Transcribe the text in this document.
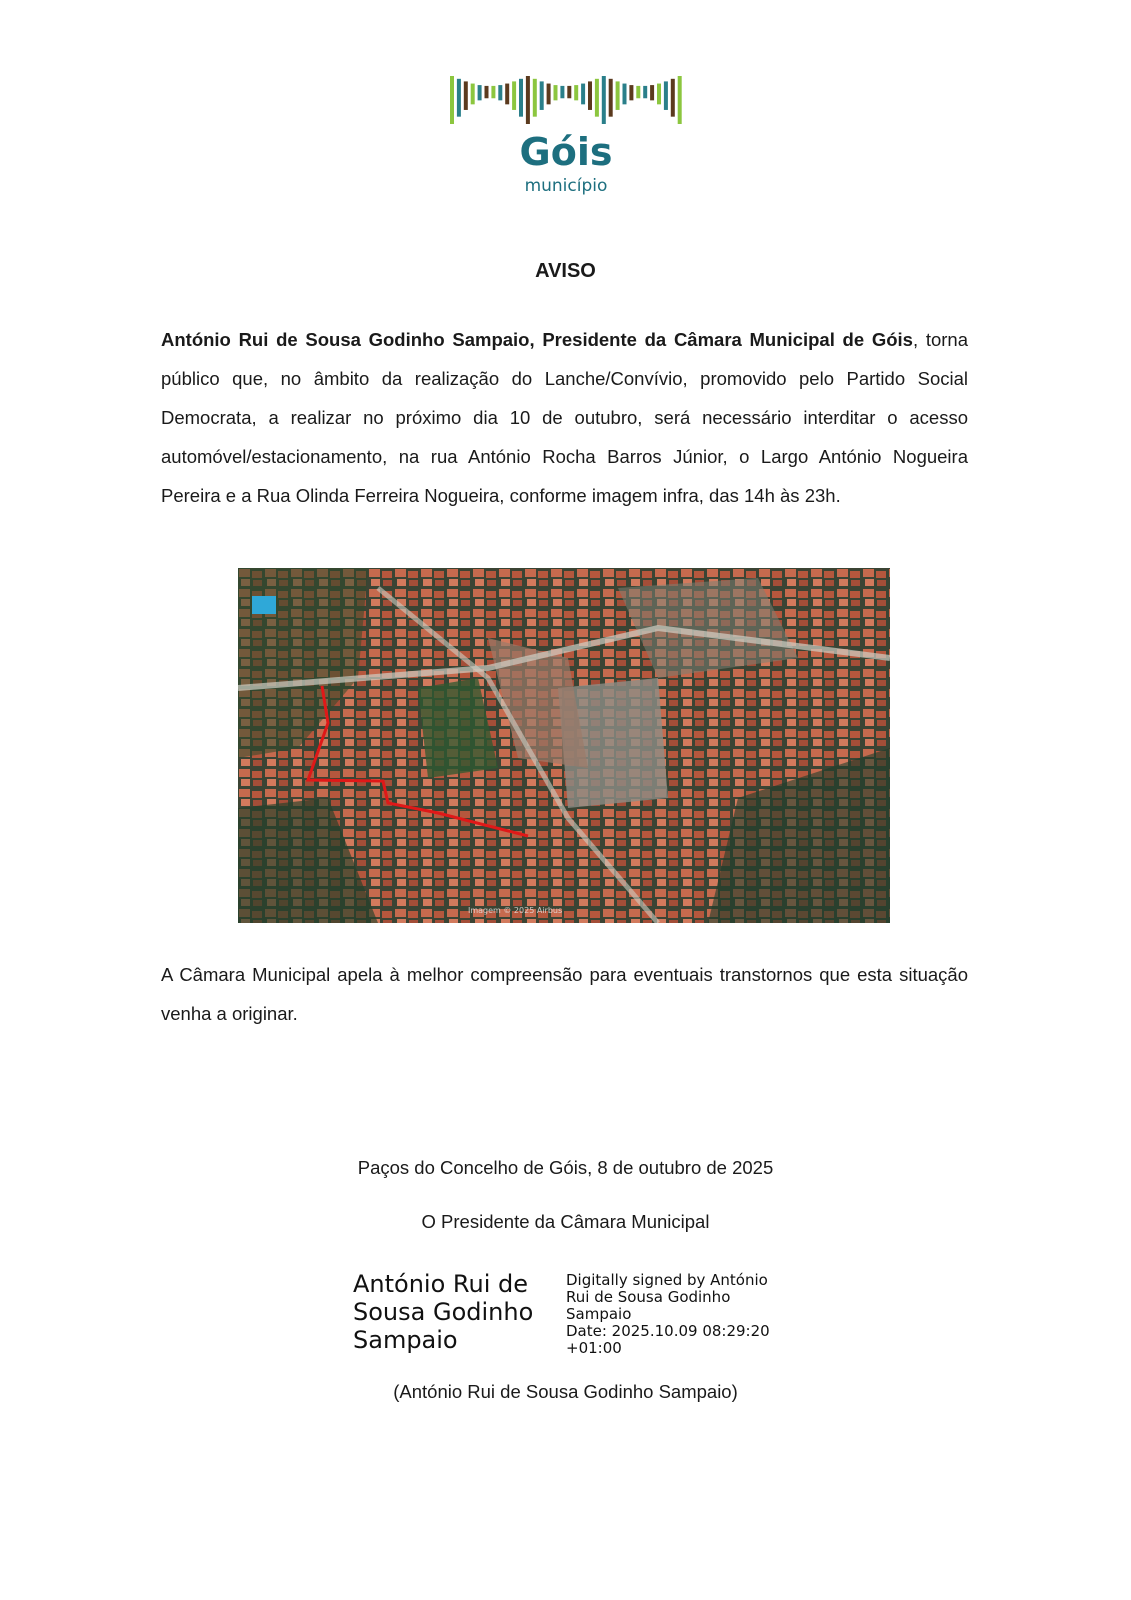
Góis
município
AVISO
António Rui de Sousa Godinho Sampaio, Presidente da Câmara Municipal de Góis, torna público que, no âmbito da realização do Lanche/Convívio, promovido pelo Partido Social Democrata, a realizar no próximo dia 10 de outubro, será necessário interditar o acesso automóvel/estacionamento, na rua António Rocha Barros Júnior, o Largo António Nogueira Pereira e a Rua Olinda Ferreira Nogueira, conforme imagem infra, das 14h às 23h.
Imagem © 2025 Airbus
A Câmara Municipal apela à melhor compreensão para eventuais transtornos que esta situação venha a originar.
Paços do Concelho de Góis, 8 de outubro de 2025
O Presidente da Câmara Municipal
António Rui de
Sousa Godinho
Sampaio
Digitally signed by António
Rui de Sousa Godinho
Sampaio
Date: 2025.10.09 08:29:20
+01:00
(António Rui de Sousa Godinho Sampaio)
